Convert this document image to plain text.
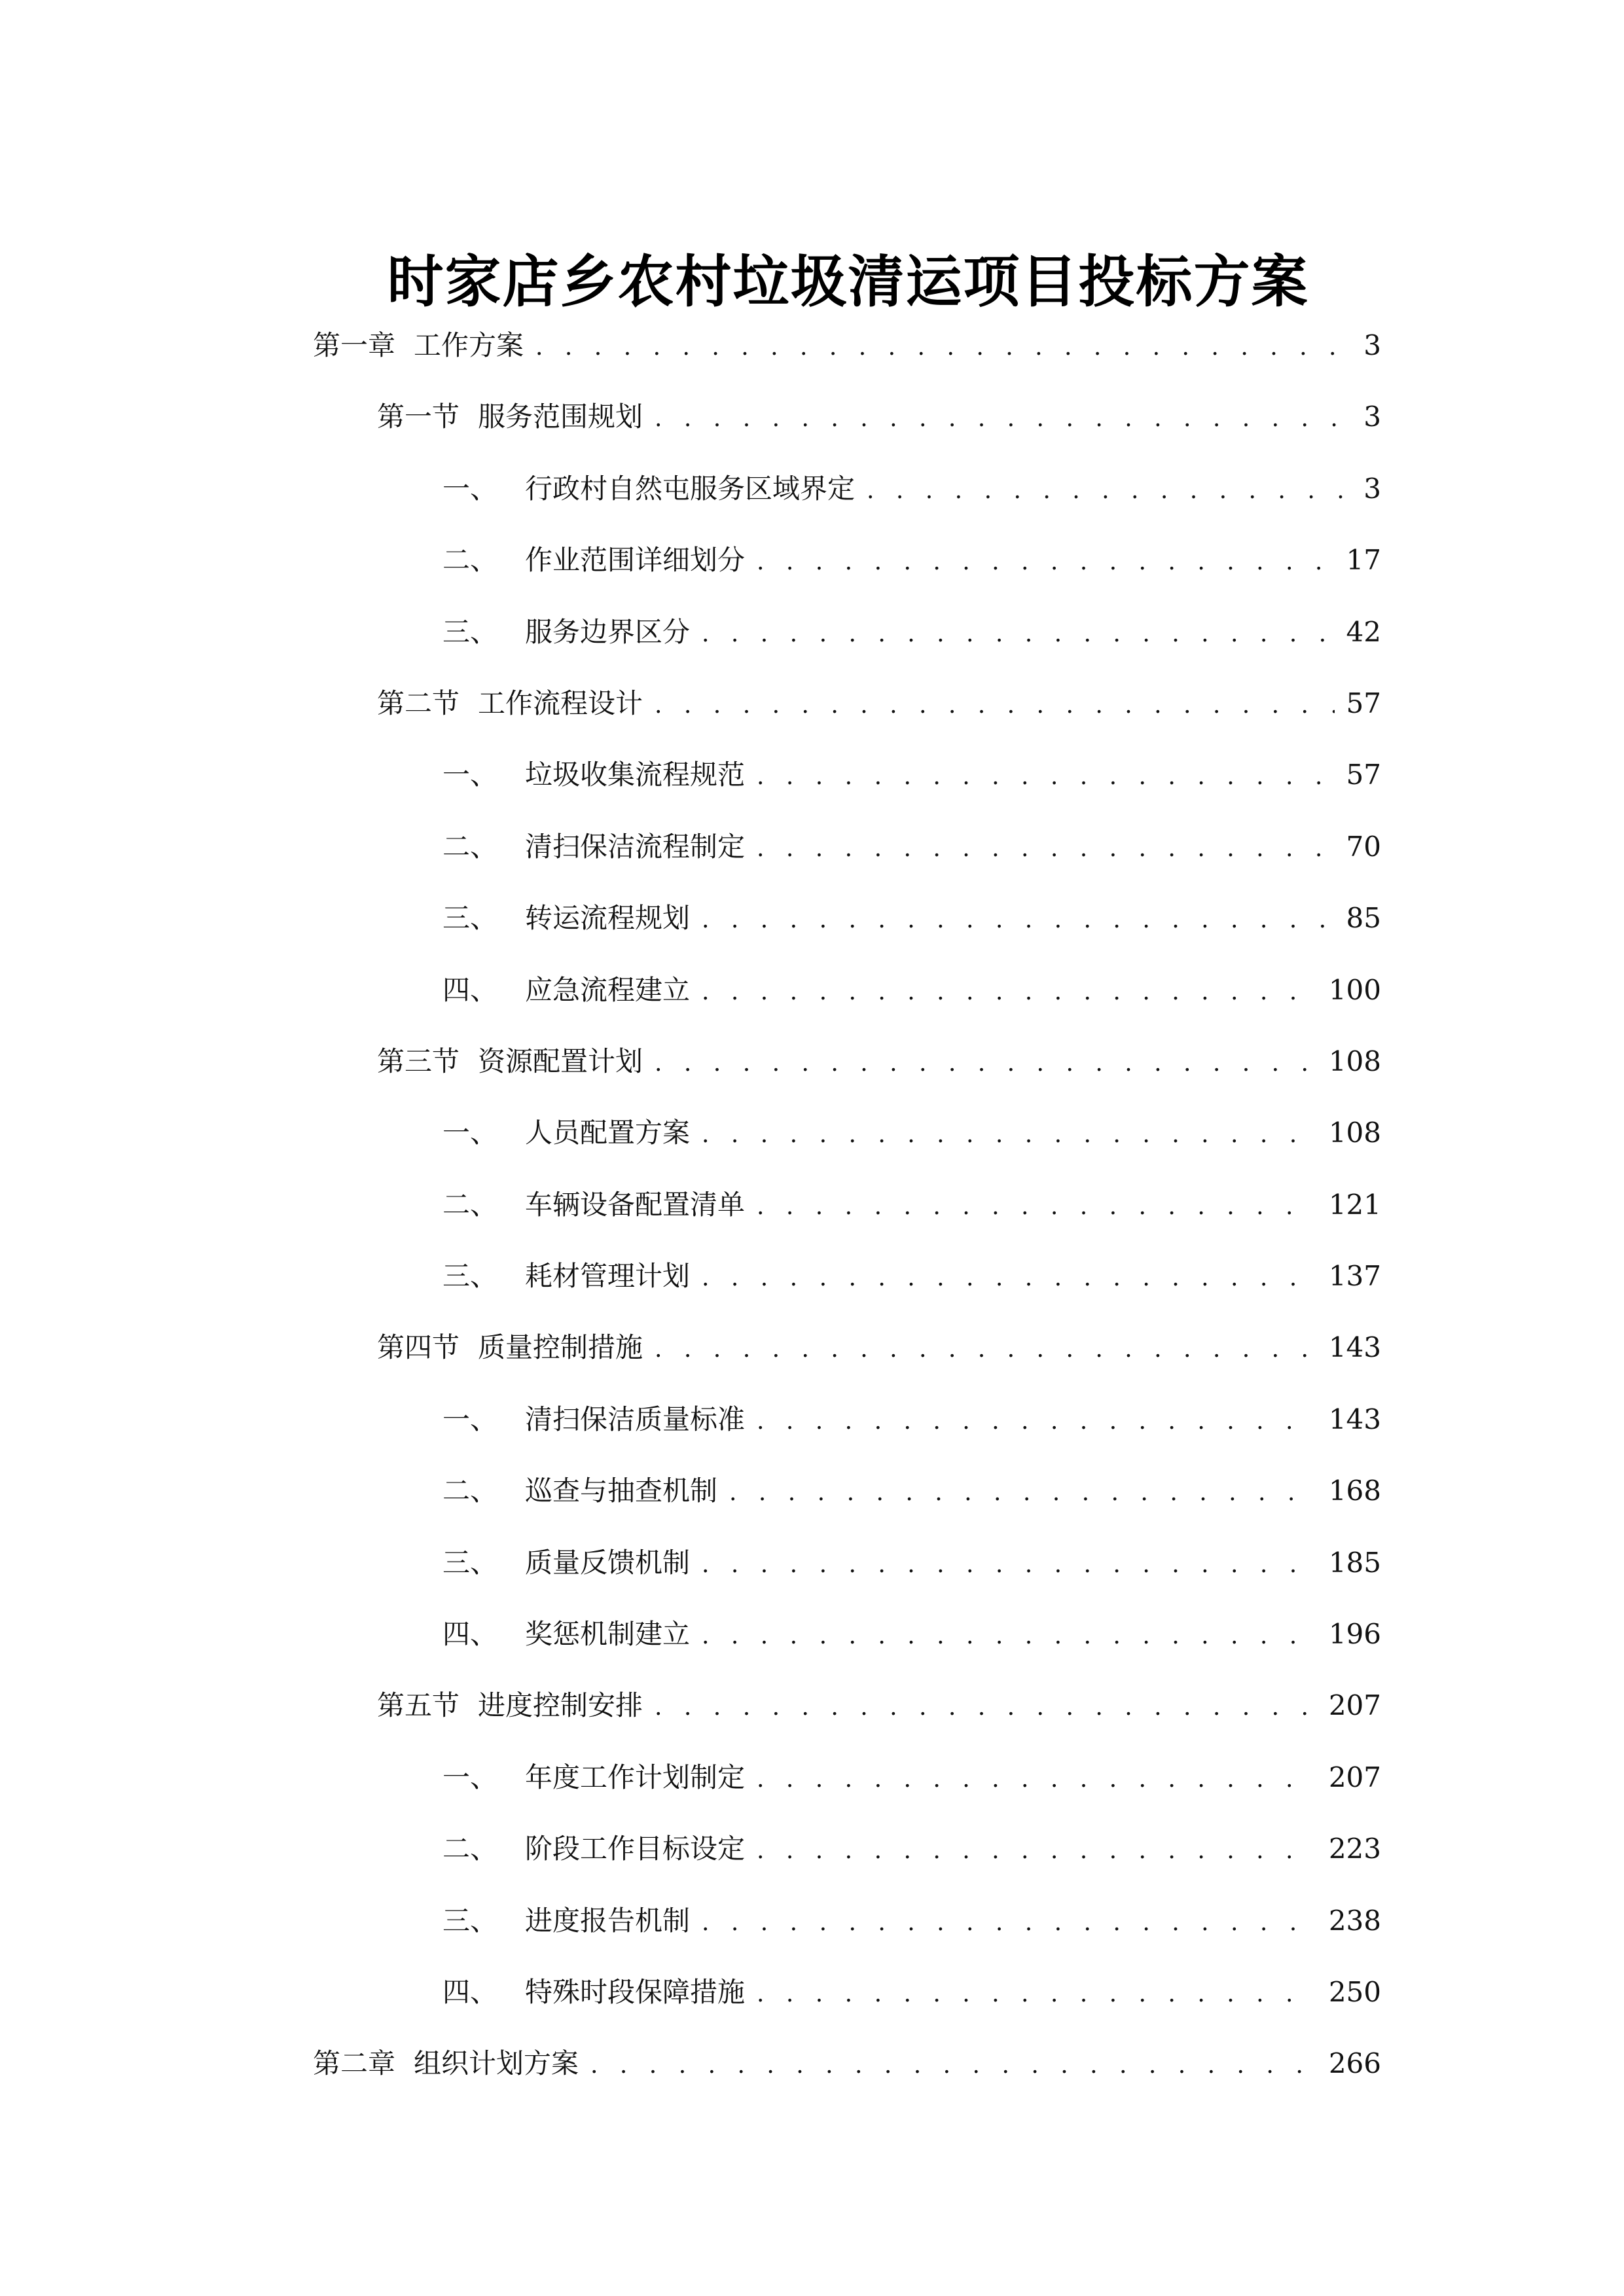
时家店乡农村垃圾清运项目投标方案
第一章 工作方案 . . .	3
第一节 服务范围规划 . . .	3
一、 行政村自然屯服务区域界定 . . .	3
二、 作业范围详细划分 . . .	17
三、 服务边界区分 . . .	42
第二节 工作流程设计 . . .	57
一、 垃圾收集流程规范 . . .	57
二、 清扫保洁流程制定 . . .	70
三、 转运流程规划 . . .	85
四、 应急流程建立 . . .	100
第三节 资源配置计划 . . .	108
一、 人员配置方案 . . .	108
二、 车辆设备配置清单 . . .	121
三、 耗材管理计划 . . .	137
第四节 质量控制措施 . . .	143
一、 清扫保洁质量标准 . . .	143
二、 巡查与抽查机制 . . .	168
三、 质量反馈机制 . . .	185
四、 奖惩机制建立 . . .	196
第五节 进度控制安排 . . .	207
一、 年度工作计划制定 . . .	207
二、 阶段工作目标设定 . . .	223
三、 进度报告机制 . . .	238
四、 特殊时段保障措施 . . .	250
第二章 组织计划方案 . . .	266
